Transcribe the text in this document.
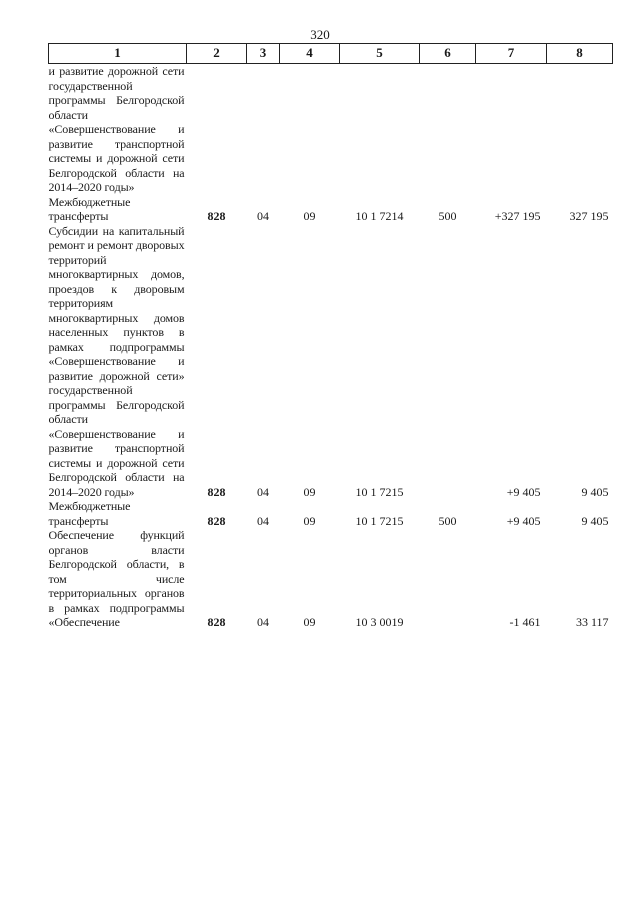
320
1	2	3	4	5	6	7	8
и развитие дорожной сети государственной программы Белгородской области «Совершенствование и развитие транспортной системы и дорожной сети Белгородской области на 2014–2020 годы»							
Межбюджетные трансферты	828	04	09	10 1 7214	500	+327 195	327 195
Субсидии на капитальный ремонт и ремонт дворовых территорий многоквартирных домов, проездов к дворовым территориям многоквартирных домов населенных пунктов в рамках подпрограммы «Совершенствование и развитие дорожной сети» государственной программы Белгородской области «Совершенствование и развитие транспортной системы и дорожной сети Белгородской области на 2014–2020 годы»	828	04	09	10 1 7215		+9 405	9 405
Межбюджетные трансферты	828	04	09	10 1 7215	500	+9 405	9 405
Обеспечение функций органов власти Белгородской области, в том числе территориальных органов в рамках подпрограммы «Обеспечение	828	04	09	10 3 0019		-1 461	33 117
